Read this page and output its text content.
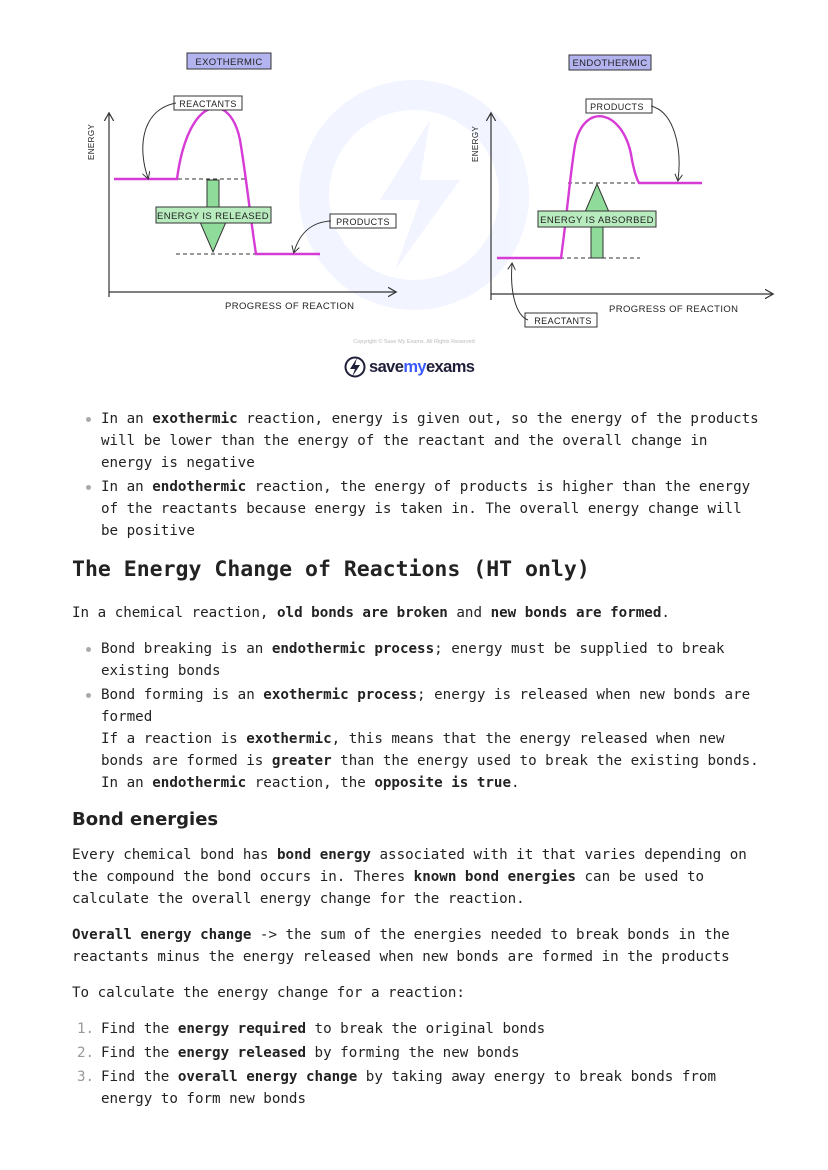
EXOTHERMIC
ENERGY
PROGRESS OF REACTION
ENERGY IS RELEASED
REACTANTS
PRODUCTS
ENDOTHERMIC
ENERGY
PROGRESS OF REACTION
ENERGY IS ABSORBED
PRODUCTS
REACTANTS
Copyright © Save My Exams. All Rights Reserved
savemyexams
In an exothermic reaction, energy is given out, so the energy of the products will be lower than the energy of the reactant and the overall change in energy is negative
In an endothermic reaction, the energy of products is higher than the energy of the reactants because energy is taken in. The overall energy change will be positive
The Energy Change of Reactions (HT only)

In a chemical reaction, old bonds are broken and new bonds are formed.

Bond breaking is an endothermic process; energy must be supplied to break existing bonds
Bond forming is an exothermic process; energy is released when new bonds are formed
If a reaction is exothermic, this means that the energy released when new bonds are formed is greater than the energy used to break the existing bonds. In an endothermic reaction, the opposite is true.
Bond energies

Every chemical bond has bond energy associated with it that varies depending on the compound the bond occurs in. Theres known bond energies can be used to calculate the overall energy change for the reaction.

Overall energy change -> the sum of the energies needed to break bonds in the reactants minus the energy released when new bonds are formed in the products

To calculate the energy change for a reaction:

1. Find the energy required to break the original bonds
2. Find the energy released by forming the new bonds
3. Find the overall energy change by taking away energy to break bonds from energy to form new bonds
